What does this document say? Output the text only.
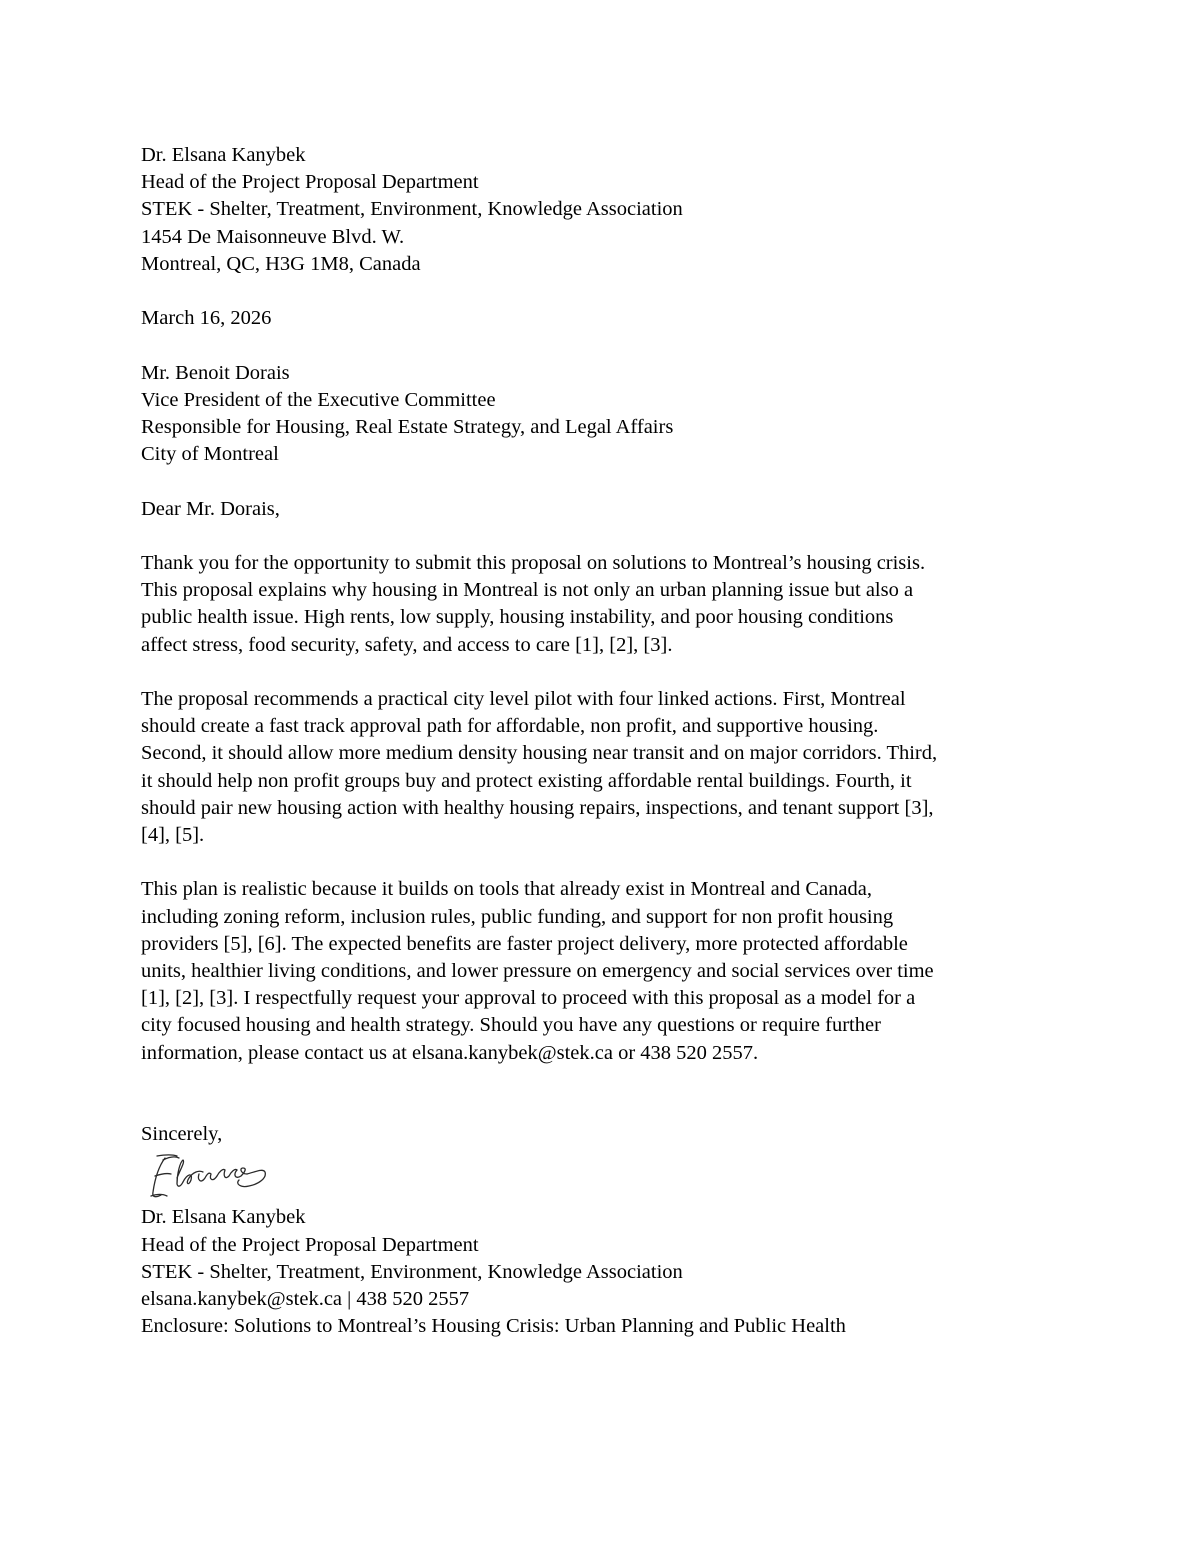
Dr. Elsana Kanybek
Head of the Project Proposal Department
STEK - Shelter, Treatment, Environment, Knowledge Association
1454 De Maisonneuve Blvd. W.
Montreal, QC, H3G 1M8, Canada
March 16, 2026
Mr. Benoit Dorais
Vice President of the Executive Committee
Responsible for Housing, Real Estate Strategy, and Legal Affairs
City of Montreal
Dear Mr. Dorais,
Thank you for the opportunity to submit this proposal on solutions to Montreal’s housing crisis.
This proposal explains why housing in Montreal is not only an urban planning issue but also a
public health issue. High rents, low supply, housing instability, and poor housing conditions
affect stress, food security, safety, and access to care [1], [2], [3].
The proposal recommends a practical city level pilot with four linked actions. First, Montreal
should create a fast track approval path for affordable, non profit, and supportive housing.
Second, it should allow more medium density housing near transit and on major corridors. Third,
it should help non profit groups buy and protect existing affordable rental buildings. Fourth, it
should pair new housing action with healthy housing repairs, inspections, and tenant support [3],
[4], [5].
This plan is realistic because it builds on tools that already exist in Montreal and Canada,
including zoning reform, inclusion rules, public funding, and support for non profit housing
providers [5], [6]. The expected benefits are faster project delivery, more protected affordable
units, healthier living conditions, and lower pressure on emergency and social services over time
[1], [2], [3]. I respectfully request your approval to proceed with this proposal as a model for a
city focused housing and health strategy. Should you have any questions or require further
information, please contact us at elsana.kanybek@stek.ca or 438 520 2557.
Sincerely,
Dr. Elsana Kanybek
Head of the Project Proposal Department
STEK - Shelter, Treatment, Environment, Knowledge Association
elsana.kanybek@stek.ca | 438 520 2557
Enclosure: Solutions to Montreal’s Housing Crisis: Urban Planning and Public Health
